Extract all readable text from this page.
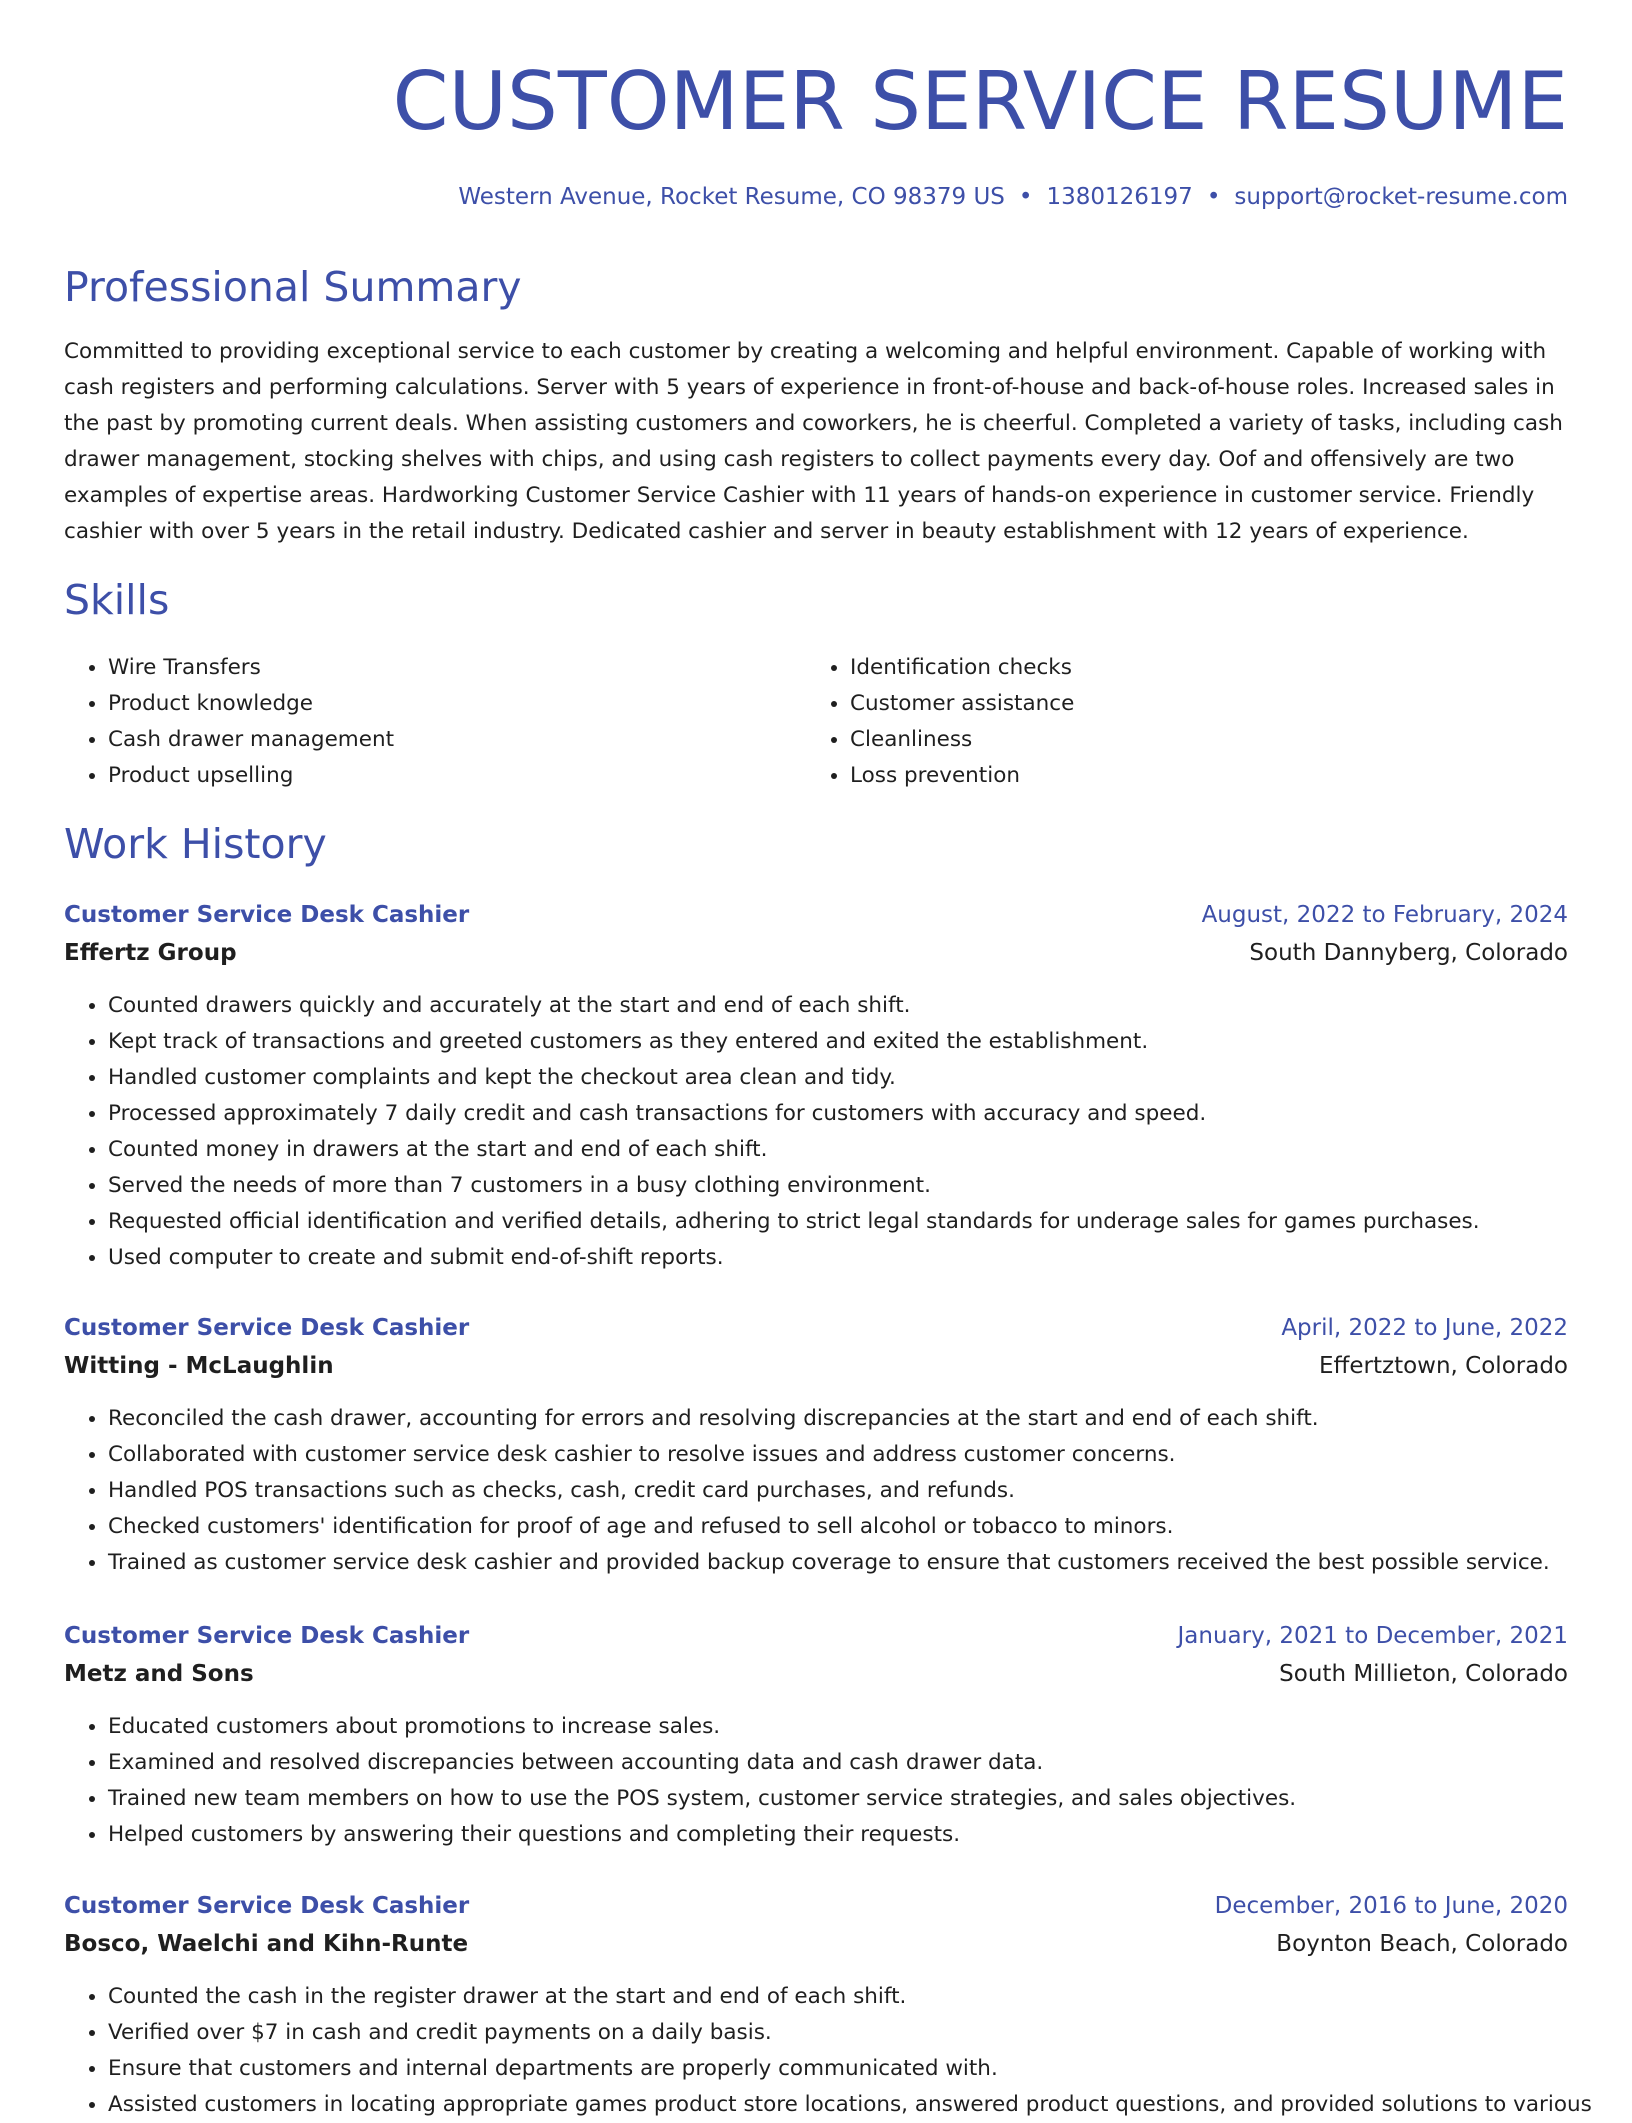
CUSTOMER SERVICE RESUME
Western Avenue, Rocket Resume, CO 98379 US • 1380126197 • support@rocket-resume.com
Professional Summary

Committed to providing exceptional service to each customer by creating a welcoming and helpful environment. Capable of working with cash registers and performing calculations. Server with 5 years of experience in front-of-house and back-of-house roles. Increased sales in the past by promoting current deals. When assisting customers and coworkers, he is cheerful. Completed a variety of tasks, including cash drawer management, stocking shelves with chips, and using cash registers to collect payments every day. Oof and offensively are two examples of expertise areas. Hardworking Customer Service Cashier with 11 years of hands-on experience in customer service. Friendly cashier with over 5 years in the retail industry. Dedicated cashier and server in beauty establishment with 12 years of experience.

Skills
• Wire Transfers
• Product knowledge
• Cash drawer management
• Product upselling
• Identification checks
• Customer assistance
• Cleanliness
• Loss prevention
Work History
Customer Service Desk Cashier	August, 2022 to February, 2024
Effertz Group	South Dannyberg, Colorado
• Counted drawers quickly and accurately at the start and end of each shift.
• Kept track of transactions and greeted customers as they entered and exited the establishment.
• Handled customer complaints and kept the checkout area clean and tidy.
• Processed approximately 7 daily credit and cash transactions for customers with accuracy and speed.
• Counted money in drawers at the start and end of each shift.
• Served the needs of more than 7 customers in a busy clothing environment.
• Requested official identification and verified details, adhering to strict legal standards for underage sales for games purchases.
• Used computer to create and submit end-of-shift reports.
Customer Service Desk Cashier	April, 2022 to June, 2022
Witting - McLaughlin	Effertztown, Colorado
• Reconciled the cash drawer, accounting for errors and resolving discrepancies at the start and end of each shift.
• Collaborated with customer service desk cashier to resolve issues and address customer concerns.
• Handled POS transactions such as checks, cash, credit card purchases, and refunds.
• Checked customers' identification for proof of age and refused to sell alcohol or tobacco to minors.
• Trained as customer service desk cashier and provided backup coverage to ensure that customers received the best possible service.
Customer Service Desk Cashier	January, 2021 to December, 2021
Metz and Sons	South Millieton, Colorado
• Educated customers about promotions to increase sales.
• Examined and resolved discrepancies between accounting data and cash drawer data.
• Trained new team members on how to use the POS system, customer service strategies, and sales objectives.
• Helped customers by answering their questions and completing their requests.
Customer Service Desk Cashier	December, 2016 to June, 2020
Bosco, Waelchi and Kihn-Runte	Boynton Beach, Colorado
• Counted the cash in the register drawer at the start and end of each shift.
• Verified over $7 in cash and credit payments on a daily basis.
• Ensure that customers and internal departments are properly communicated with.
• Assisted customers in locating appropriate games product store locations, answered product questions, and provided solutions to various
